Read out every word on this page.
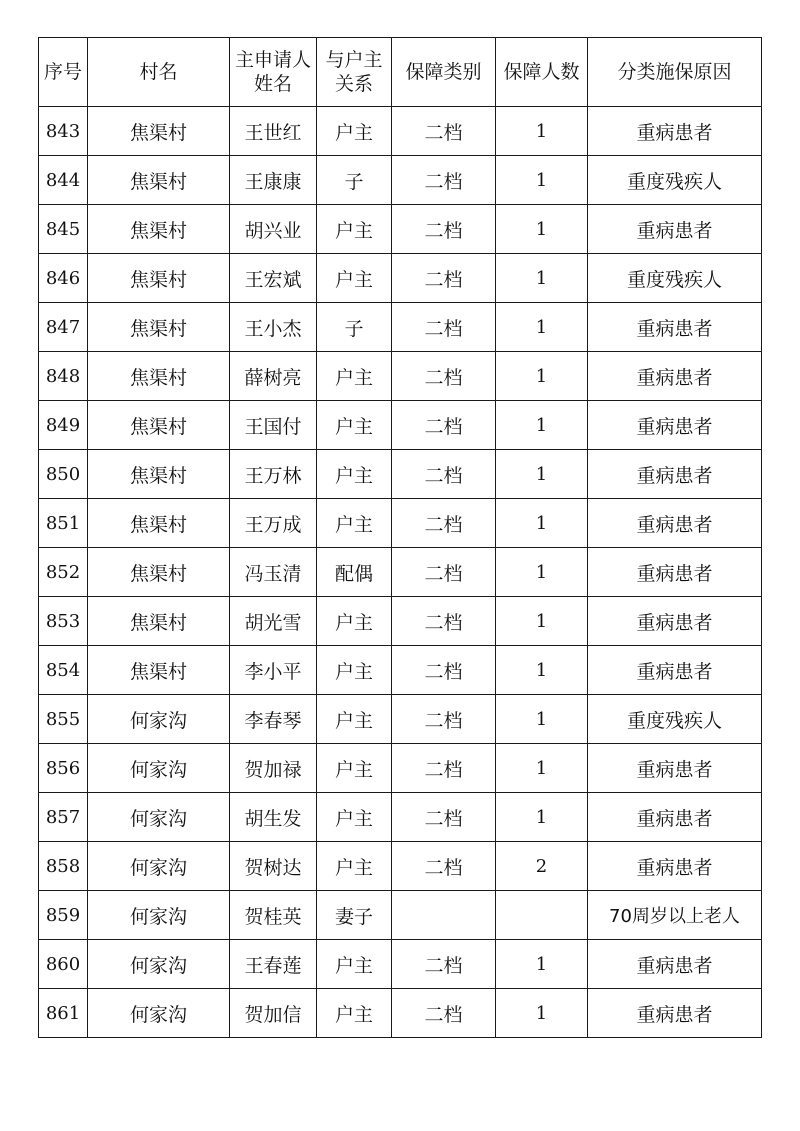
序号	村名	主申请人姓名	与户主关系	保障类别	保障人数	分类施保原因
843	焦渠村	王世红	户主	二档	1	重病患者
844	焦渠村	王康康	子	二档	1	重度残疾人
845	焦渠村	胡兴业	户主	二档	1	重病患者
846	焦渠村	王宏斌	户主	二档	1	重度残疾人
847	焦渠村	王小杰	子	二档	1	重病患者
848	焦渠村	薛树亮	户主	二档	1	重病患者
849	焦渠村	王国付	户主	二档	1	重病患者
850	焦渠村	王万林	户主	二档	1	重病患者
851	焦渠村	王万成	户主	二档	1	重病患者
852	焦渠村	冯玉清	配偶	二档	1	重病患者
853	焦渠村	胡光雪	户主	二档	1	重病患者
854	焦渠村	李小平	户主	二档	1	重病患者
855	何家沟	李春琴	户主	二档	1	重度残疾人
856	何家沟	贺加禄	户主	二档	1	重病患者
857	何家沟	胡生发	户主	二档	1	重病患者
858	何家沟	贺树达	户主	二档	2	重病患者
859	何家沟	贺桂英	妻子			70周岁以上老人
860	何家沟	王春莲	户主	二档	1	重病患者
861	何家沟	贺加信	户主	二档	1	重病患者
